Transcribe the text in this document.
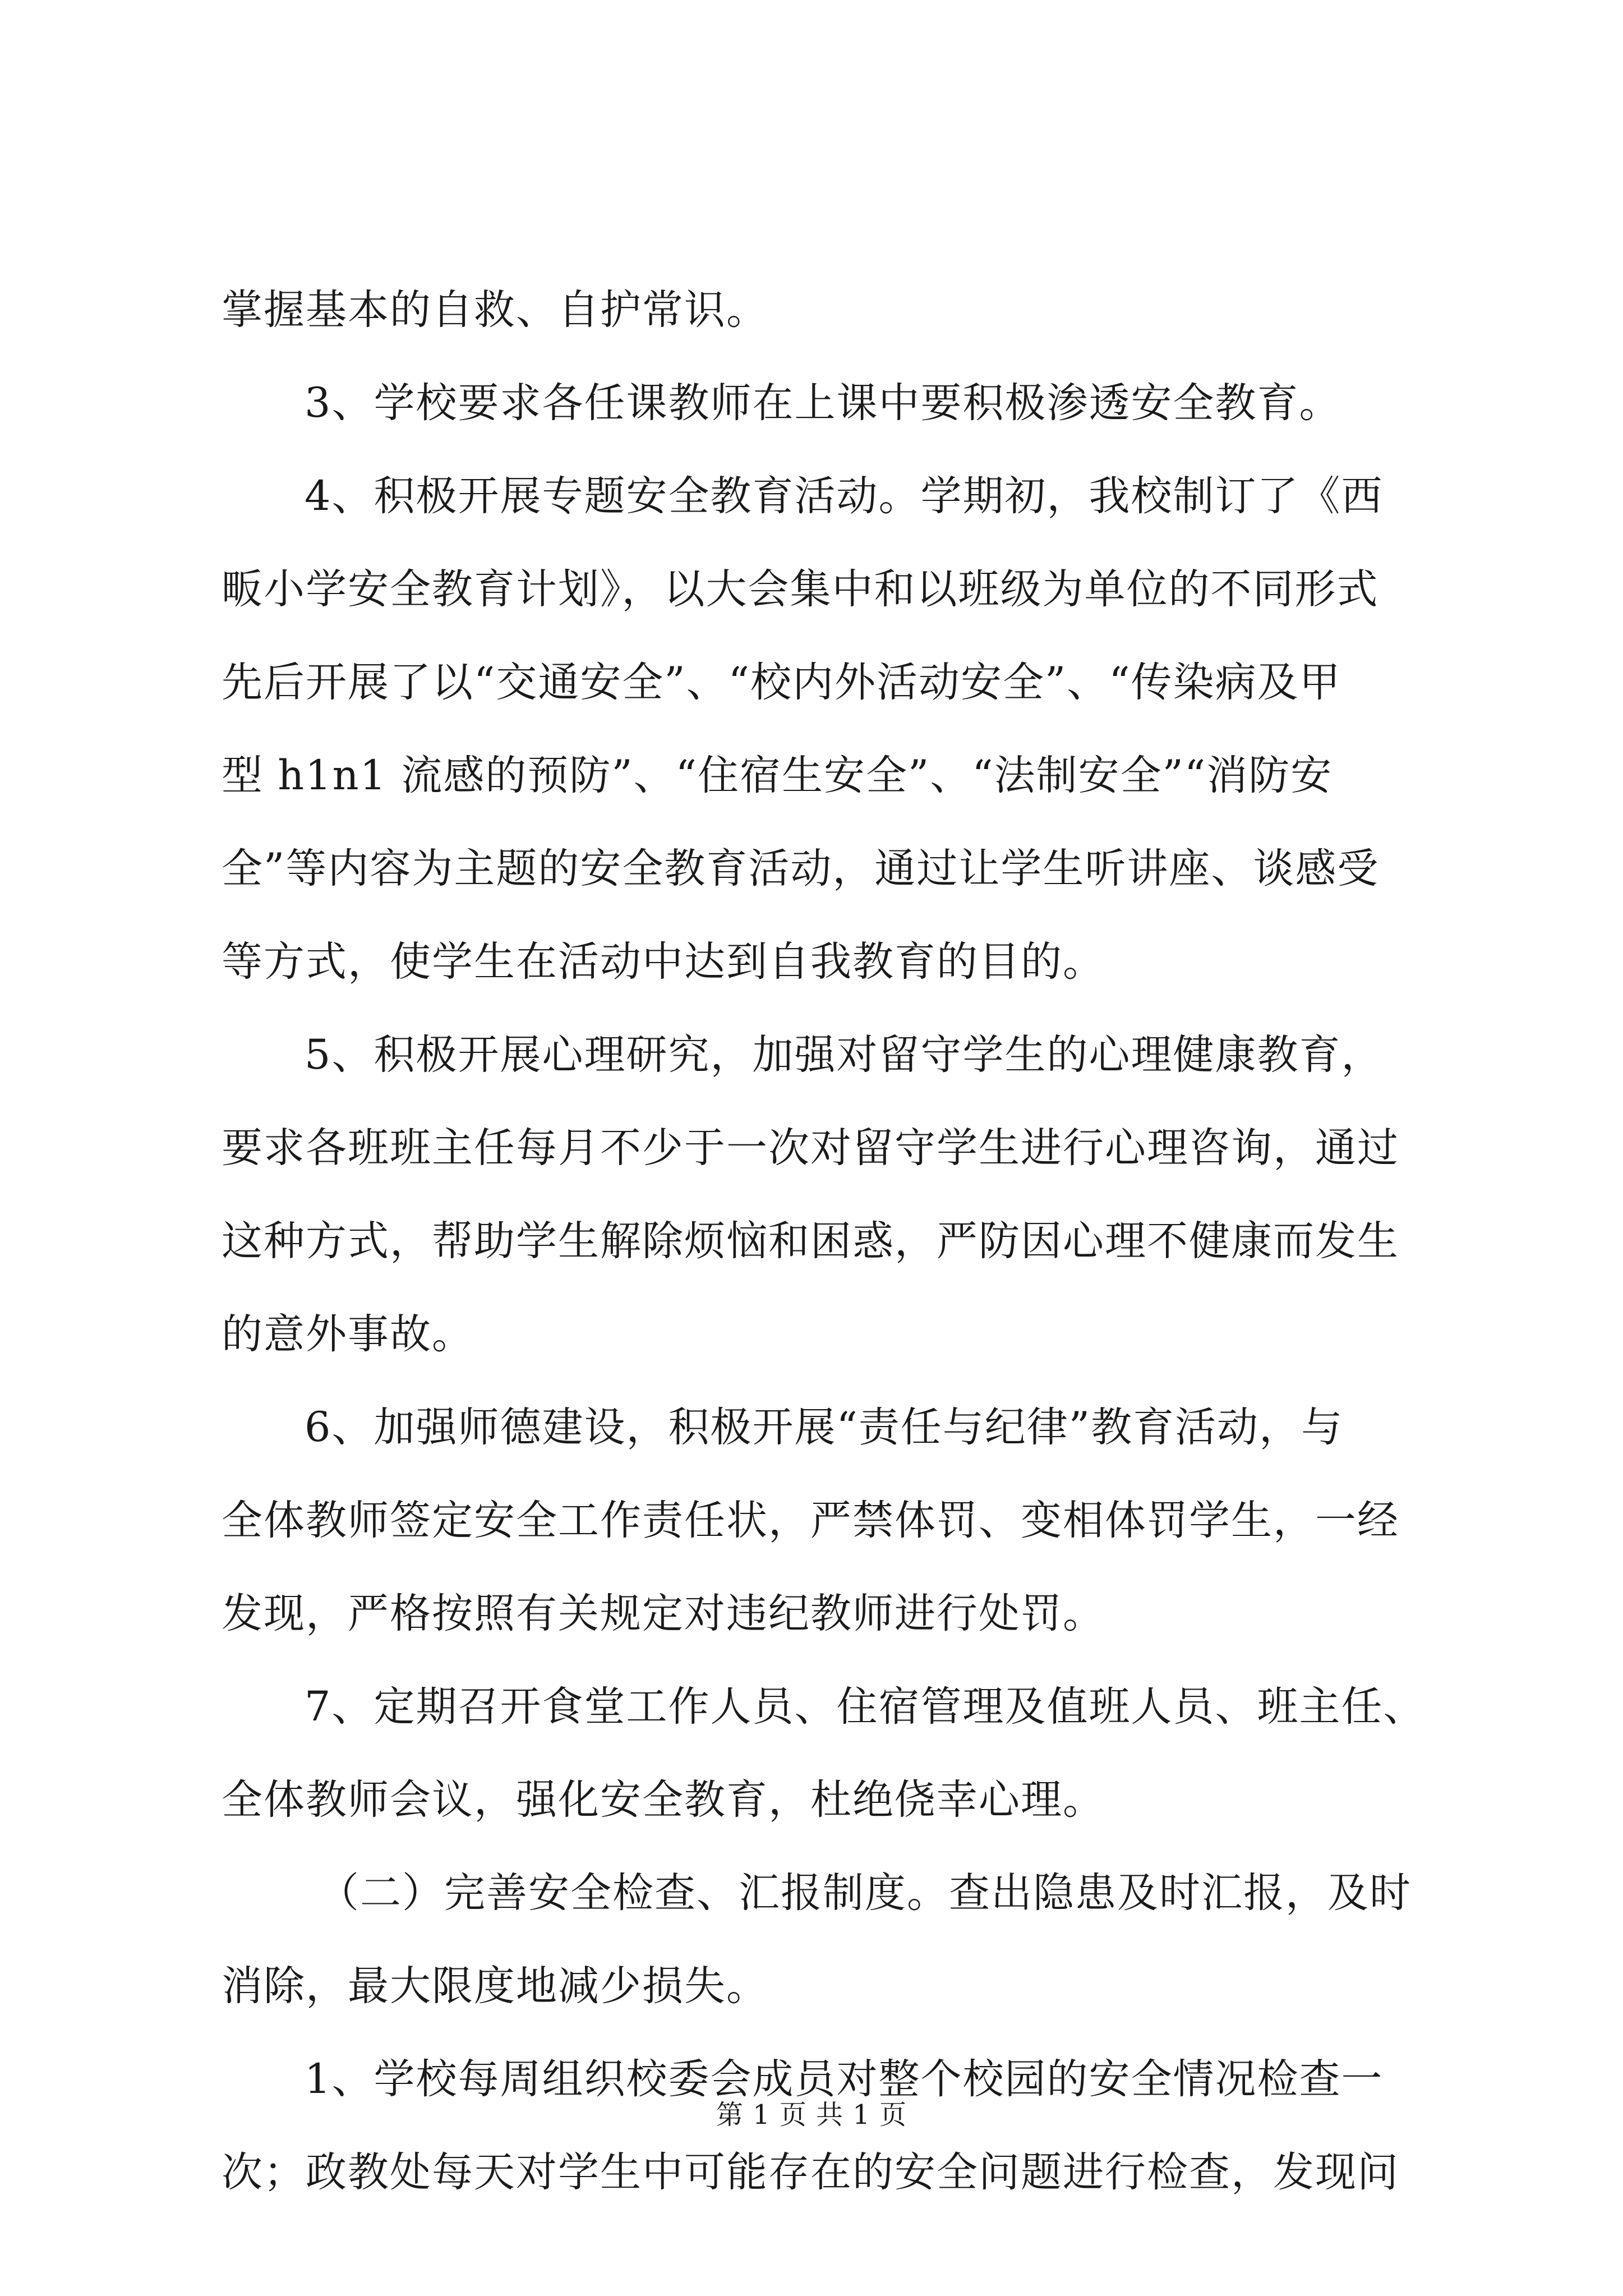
掌握基本的自救、自护常识。
3、学校要求各任课教师在上课中要积极渗透安全教育。
4、积极开展专题安全教育活动。学期初，我校制订了《西
畈小学安全教育计划》，以大会集中和以班级为单位的不同形式
先后开展了以“交通安全”、“校内外活动安全”、“传染病及甲
型 h1n1 流感的预防”、“住宿生安全”、“法制安全”“消防安
全”等内容为主题的安全教育活动，通过让学生听讲座、谈感受
等方式，使学生在活动中达到自我教育的目的。
5、积极开展心理研究，加强对留守学生的心理健康教育，
要求各班班主任每月不少于一次对留守学生进行心理咨询，通过
这种方式，帮助学生解除烦恼和困惑，严防因心理不健康而发生
的意外事故。
6、加强师德建设，积极开展“责任与纪律”教育活动，与
全体教师签定安全工作责任状，严禁体罚、变相体罚学生，一经
发现，严格按照有关规定对违纪教师进行处罚。
7、定期召开食堂工作人员、住宿管理及值班人员、班主任、
全体教师会议，强化安全教育，杜绝侥幸心理。
（二）完善安全检查、汇报制度。查出隐患及时汇报，及时
消除，最大限度地减少损失。
1、学校每周组织校委会成员对整个校园的安全情况检查一
次；政教处每天对学生中可能存在的安全问题进行检查，发现问
第 1 页 共 1 页
